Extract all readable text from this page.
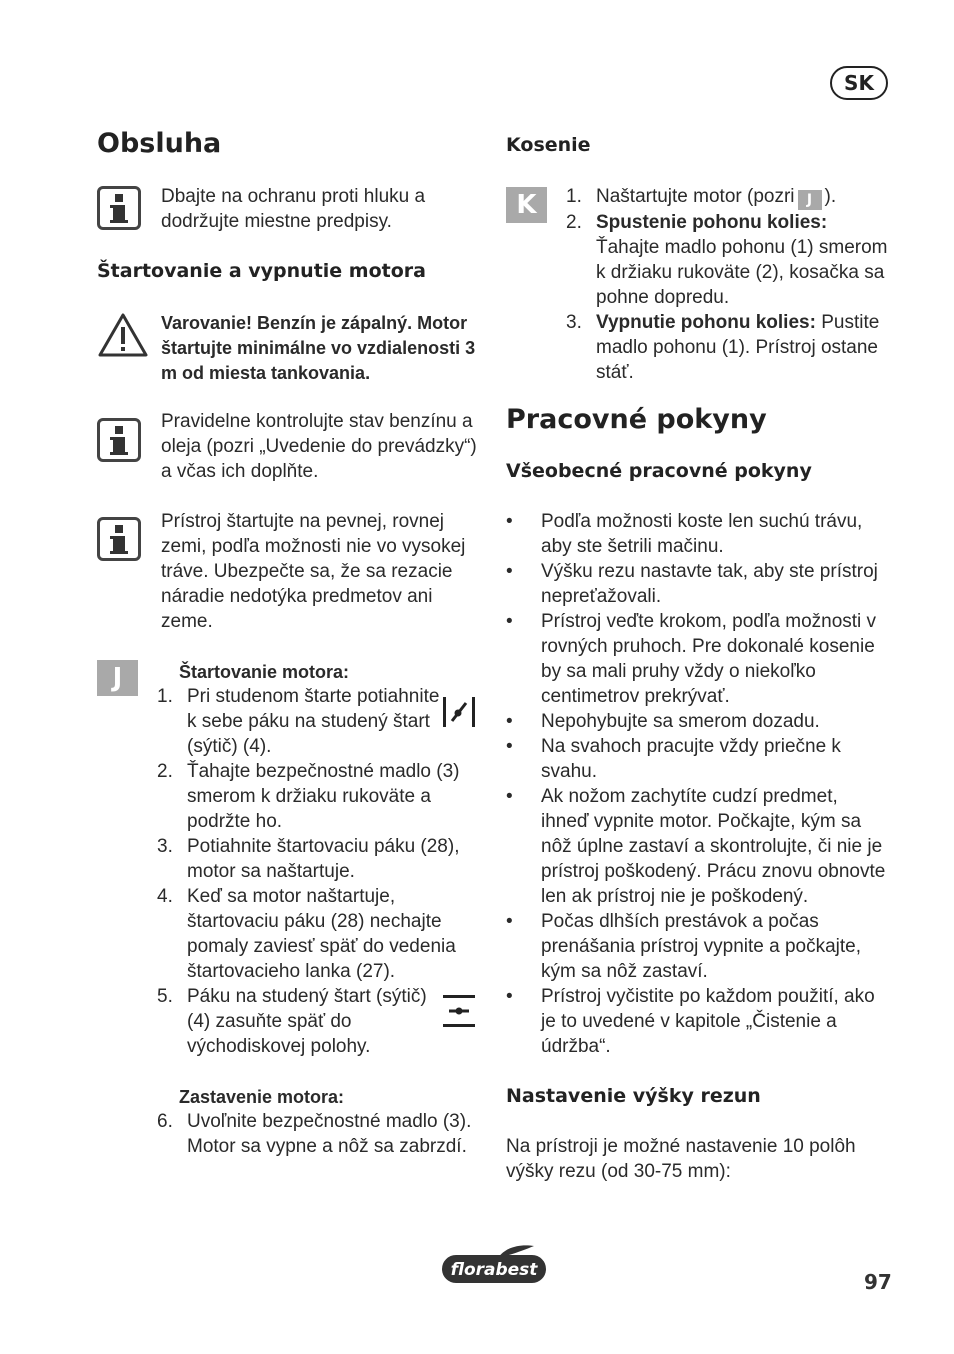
SK
Obsluha

Dbajte na ochranu proti hluku a dodržujte miestne predpisy.

Štartovanie a vypnutie motora

Varovanie! Benzín je zápalný. Motor štartujte minimálne vo vzdialenosti 3 m od miesta tankovania.

Pravidelne kontrolujte stav benzínu a oleja (pozri „Uvedenie do prevádzky“) a včas ich doplňte.

Prístroj štartujte na pevnej, rovnej zemi, podľa možnosti nie vo vysokej tráve. Ubezpečte sa, že sa rezacie náradie nedotýka predmetov ani zeme.

J	Štartovanie motora:
1. Pri studenom štarte potiahnite k sebe páku na studený štart (sýtič) (4).
2. Ťahajte bezpečnostné madlo (3) smerom k držiaku rukoväte a podržte ho.
3. Potiahnite štartovaciu páku (28), motor sa naštartuje.
4. Keď sa motor naštartuje, štartovaciu páku (28) nechajte pomaly zaviesť späť do vedenia štartovacieho lanka (27).
5. Páku na studený štart (sýtič) (4) zasuňte späť do východiskovej polohy.
Zastavenie motora:
6. Uvoľnite bezpečnostné madlo (3). Motor sa vypne a nôž sa zabrzdí.
Kosenie
K	1. Naštartujte motor (pozri J ).
2. Spustenie pohonu kolies: Ťahajte madlo pohonu (1) smerom k držiaku rukoväte (2), kosačka sa pohne dopredu.
3. Vypnutie pohonu kolies: Pustite madlo pohonu (1). Prístroj ostane stáť.
Pracovné pokyny
Všeobecné pracovné pokyny
• Podľa možnosti koste len suchú trávu, aby ste šetrili mačinu.
• Výšku rezu nastavte tak, aby ste prístroj nepreťažovali.
• Prístroj veďte krokom, podľa možnosti v rovných pruhoch. Pre dokonalé kosenie by sa mali pruhy vždy o niekoľko centimetrov prekrývať.
• Nepohybujte sa smerom dozadu.
• Na svahoch pracujte vždy priečne k svahu.
• Ak nožom zachytíte cudzí predmet, ihneď vypnite motor. Počkajte, kým sa nôž úplne zastaví a skontrolujte, či nie je prístroj poškodený. Prácu znovu obnovte len ak prístroj nie je poškodený.
• Počas dlhších prestávok a počas prenášania prístroj vypnite a počkajte, kým sa nôž zastaví.
• Prístroj vyčistite po každom použití, ako je to uvedené v kapitole „Čistenie a údržba“.
Nastavenie výšky rezun

Na prístroji je možné nastavenie 10 polôh výšky rezu (od 30-75 mm):

florabest	97
